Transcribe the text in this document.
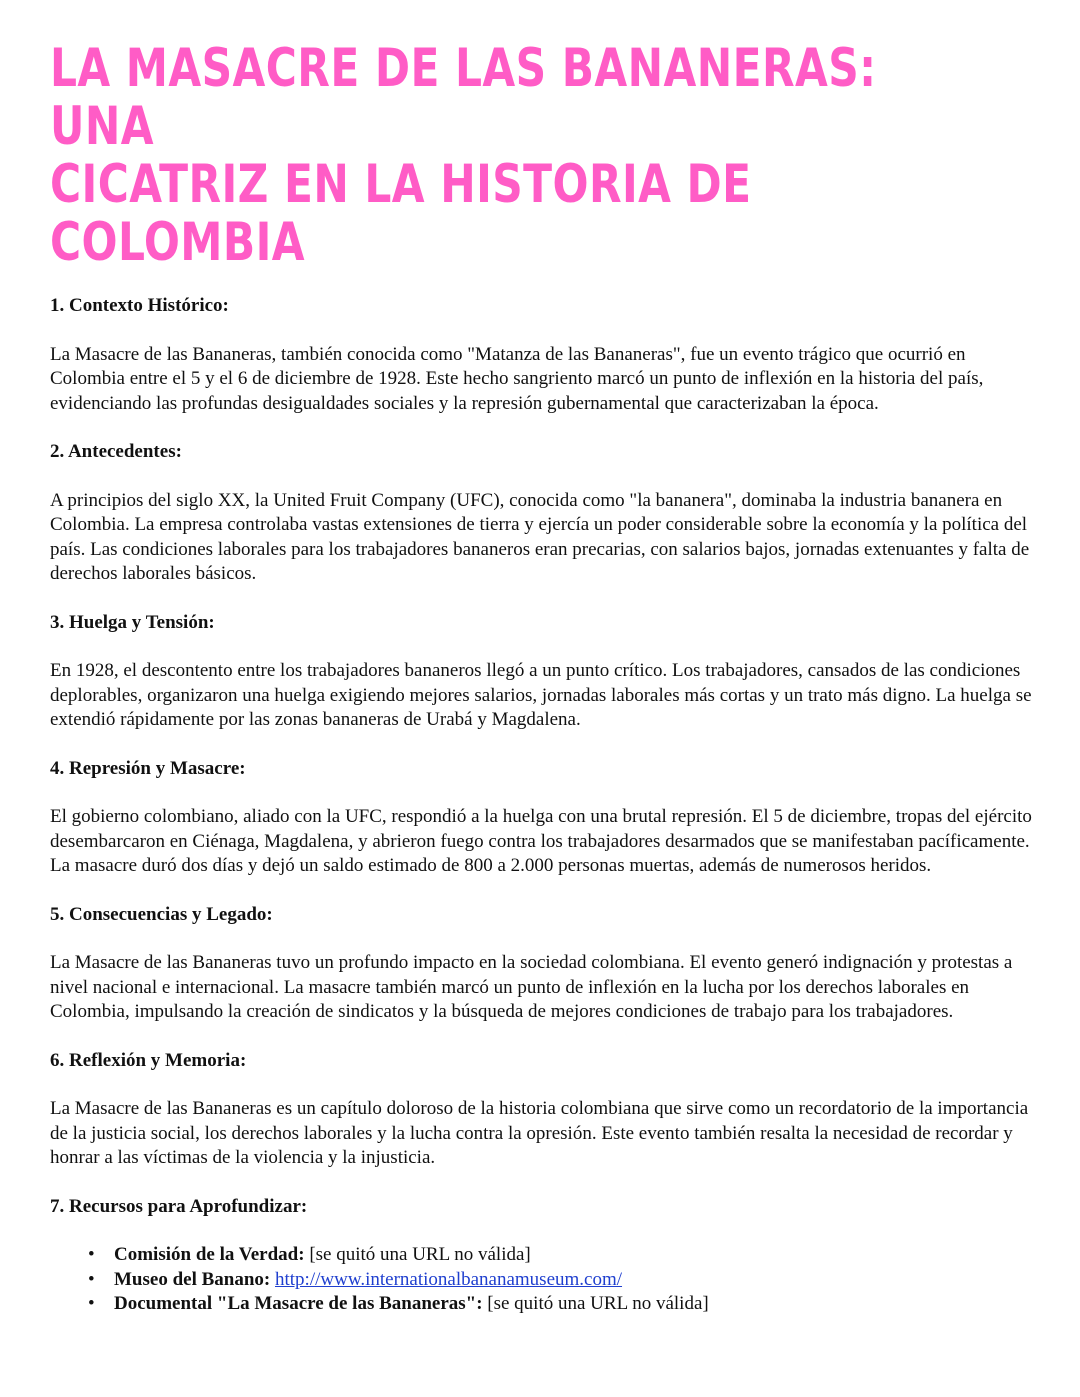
LA MASACRE DE LAS BANANERAS: UNA
CICATRIZ EN LA HISTORIA DE COLOMBIA

1. Contexto Histórico:

La Masacre de las Bananeras, también conocida como "Matanza de las Bananeras", fue un evento trágico que ocurrió en Colombia entre el 5 y el 6 de diciembre de 1928. Este hecho sangriento marcó un punto de inflexión en la historia del país, evidenciando las profundas desigualdades sociales y la represión gubernamental que caracterizaban la época.

2. Antecedentes:

A principios del siglo XX, la United Fruit Company (UFC), conocida como "la bananera", dominaba la industria bananera en Colombia. La empresa controlaba vastas extensiones de tierra y ejercía un poder considerable sobre la economía y la política del país. Las condiciones laborales para los trabajadores bananeros eran precarias, con salarios bajos, jornadas extenuantes y falta de derechos laborales básicos.

3. Huelga y Tensión:

En 1928, el descontento entre los trabajadores bananeros llegó a un punto crítico. Los trabajadores, cansados de las condiciones deplorables, organizaron una huelga exigiendo mejores salarios, jornadas laborales más cortas y un trato más digno. La huelga se extendió rápidamente por las zonas bananeras de Urabá y Magdalena.

4. Represión y Masacre:

El gobierno colombiano, aliado con la UFC, respondió a la huelga con una brutal represión. El 5 de diciembre, tropas del ejército desembarcaron en Ciénaga, Magdalena, y abrieron fuego contra los trabajadores desarmados que se manifestaban pacíficamente. La masacre duró dos días y dejó un saldo estimado de 800 a 2.000 personas muertas, además de numerosos heridos.

5. Consecuencias y Legado:

La Masacre de las Bananeras tuvo un profundo impacto en la sociedad colombiana. El evento generó indignación y protestas a nivel nacional e internacional. La masacre también marcó un punto de inflexión en la lucha por los derechos laborales en Colombia, impulsando la creación de sindicatos y la búsqueda de mejores condiciones de trabajo para los trabajadores.

6. Reflexión y Memoria:

La Masacre de las Bananeras es un capítulo doloroso de la historia colombiana que sirve como un recordatorio de la importancia de la justicia social, los derechos laborales y la lucha contra la opresión. Este evento también resalta la necesidad de recordar y honrar a las víctimas de la violencia y la injusticia.

7. Recursos para Aprofundizar:

• Comisión de la Verdad: [se quitó una URL no válida]
• Museo del Banano: http://www.internationalbananamuseum.com/
• Documental "La Masacre de las Bananeras": [se quitó una URL no válida]
